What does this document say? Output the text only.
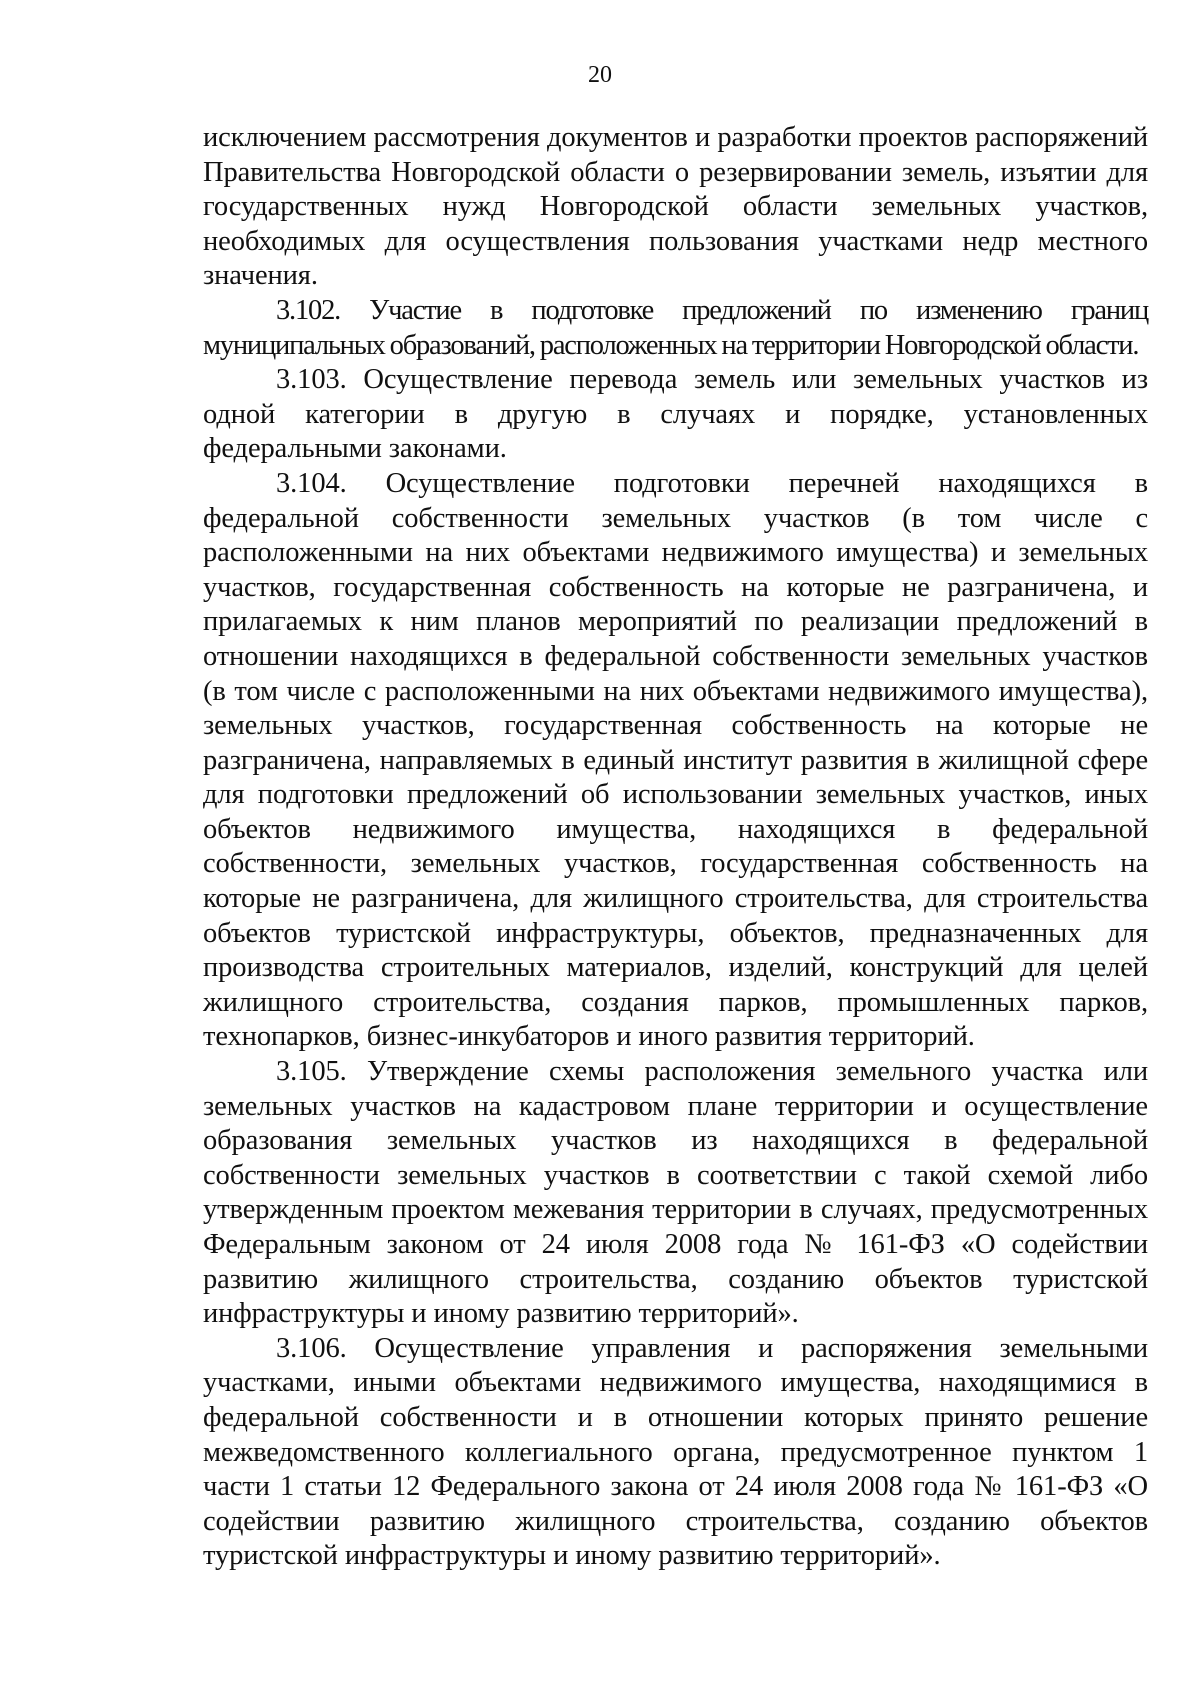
20

исключением рассмотрения документов и разработки проектов распоряжений Правительства Новгородской области о резервировании земель, изъятии для государственных нужд Новгородской области земельных участков, необходимых для осуществления пользования участками недр местного значения.

3.102. Участие в подготовке предложений по изменению границ муниципальных образований, расположенных на территории Новгородской области.

3.103. Осуществление перевода земель или земельных участков из одной категории в другую в случаях и порядке, установленных федеральными законами.

3.104. Осуществление подготовки перечней находящихся в федеральной собственности земельных участков (в том числе с расположенными на них объектами недвижимого имущества) и земельных участков, государственная собственность на которые не разграничена, и прилагаемых к ним планов мероприятий по реализации предложений в отношении находящихся в федеральной собственности земельных участков (в том числе с расположенными на них объектами недвижимого имущества), земельных участков, государственная собственность на которые не разграничена, направляемых в единый институт развития в жилищной сфере для подготовки предложений об использовании земельных участков, иных объектов недвижимого имущества, находящихся в федеральной собственности, земельных участков, государственная собственность на которые не разграничена, для жилищного строительства, для строительства объектов туристской инфраструктуры, объектов, предназначенных для производства строительных материалов, изделий, конструкций для целей жилищного строительства, создания парков, промышленных парков, технопарков, бизнес-инкубаторов и иного развития территорий.

3.105. Утверждение схемы расположения земельного участка или земельных участков на кадастровом плане территории и осуществление образования земельных участков из находящихся в федеральной собственности земельных участков в соответствии с такой схемой либо утвержденным проектом межевания территории в случаях, предусмотренных Федеральным законом от 24 июля 2008 года № 161-ФЗ «О содействии развитию жилищного строительства, созданию объектов туристской инфраструктуры и иному развитию территорий».

3.106. Осуществление управления и распоряжения земельными участками, иными объектами недвижимого имущества, находящимися в федеральной собственности и в отношении которых принято решение межведомственного коллегиального органа, предусмотренное пунктом 1 части 1 статьи 12 Федерального закона от 24 июля 2008 года № 161-ФЗ «О содействии развитию жилищного строительства, созданию объектов туристской инфраструктуры и иному развитию территорий».
